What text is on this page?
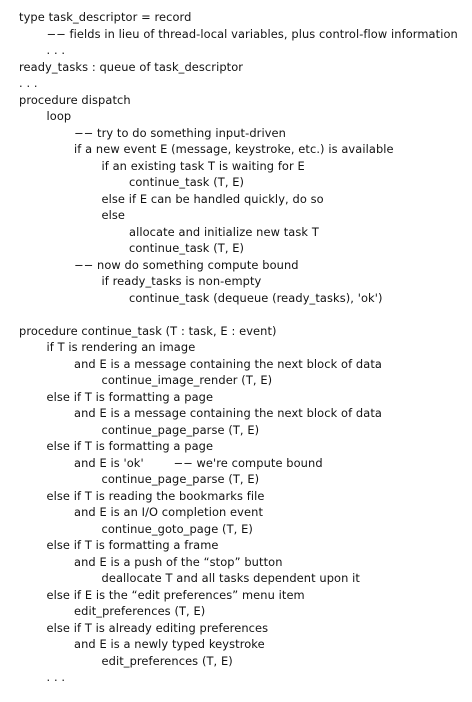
type task_descriptor = record
−− fields in lieu of thread-local variables, plus control-flow information
. . .
ready_tasks : queue of task_descriptor
. . .
procedure dispatch
loop
−− try to do something input-driven
if a new event E (message, keystroke, etc.) is available
if an existing task T is waiting for E
continue_task (T, E)
else if E can be handled quickly, do so
else
allocate and initialize new task T
continue_task (T, E)
−− now do something compute bound
if ready_tasks is non-empty
continue_task (dequeue (ready_tasks), 'ok')
procedure continue_task (T : task, E : event)
if T is rendering an image
and E is a message containing the next block of data
continue_image_render (T, E)
else if T is formatting a page
and E is a message containing the next block of data
continue_page_parse (T, E)
else if T is formatting a page
and E is 'ok'        −− we're compute bound
continue_page_parse (T, E)
else if T is reading the bookmarks file
and E is an I/O completion event
continue_goto_page (T, E)
else if T is formatting a frame
and E is a push of the “stop” button
deallocate T and all tasks dependent upon it
else if E is the “edit preferences” menu item
edit_preferences (T, E)
else if T is already editing preferences
and E is a newly typed keystroke
edit_preferences (T, E)
. . .
